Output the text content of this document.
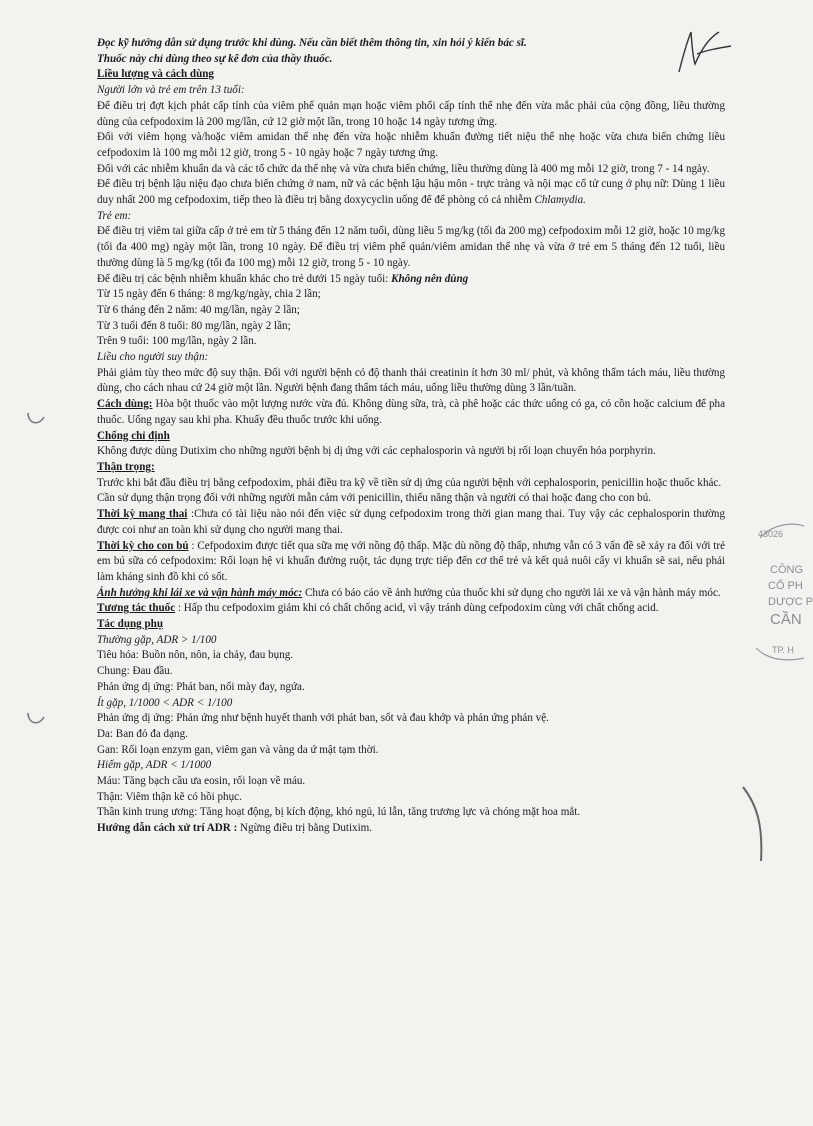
43026
CÔNG
CỔ PH
DƯỢC P
CẦN
TP. H

Đọc kỹ hướng dẫn sử dụng trước khi dùng. Nếu cần biết thêm thông tin, xin hỏi ý kiến bác sĩ.

Thuốc này chỉ dùng theo sự kê đơn của thầy thuốc.

Liều lượng và cách dùng

Người lớn và trẻ em trên 13 tuổi:

Để điều trị đợt kịch phát cấp tính của viêm phế quản mạn hoặc viêm phổi cấp tính thể nhẹ đến vừa mắc phải của cộng đồng, liều thường dùng của cefpodoxim là 200 mg/lần, cứ 12 giờ một lần, trong 10 hoặc 14 ngày tương ứng.

Đối với viêm họng và/hoặc viêm amidan thể nhẹ đến vừa hoặc nhiễm khuẩn đường tiết niệu thể nhẹ hoặc vừa chưa biến chứng liều cefpodoxim là 100 mg mỗi 12 giờ, trong 5 - 10 ngày hoặc 7 ngày tương ứng.

Đối với các nhiễm khuẩn da và các tổ chức da thể nhẹ và vừa chưa biến chứng, liều thường dùng là 400 mg mỗi 12 giờ, trong 7 - 14 ngày.

Để điều trị bệnh lậu niệu đạo chưa biến chứng ở nam, nữ và các bệnh lậu hậu môn - trực tràng và nội mạc cổ tử cung ở phụ nữ: Dùng 1 liều duy nhất 200 mg cefpodoxim, tiếp theo là điều trị bằng doxycyclin uống để để phòng có cả nhiễm Chlamydia.

Trẻ em:

Để điều trị viêm tai giữa cấp ở trẻ em từ 5 tháng đến 12 năm tuổi, dùng liều 5 mg/kg (tối đa 200 mg) cefpodoxim mỗi 12 giờ, hoặc 10 mg/kg (tối đa 400 mg) ngày một lần, trong 10 ngày. Để điều trị viêm phế quản/viêm amidan thể nhẹ và vừa ở trẻ em 5 tháng đến 12 tuổi, liều thường dùng là 5 mg/kg (tối đa 100 mg) mỗi 12 giờ, trong 5 - 10 ngày.

Để điều trị các bệnh nhiễm khuẩn khác cho trẻ dưới 15 ngày tuổi: Không nên dùng

Từ 15 ngày đến 6 tháng: 8 mg/kg/ngày, chia 2 lần;

Từ 6 tháng đến 2 năm: 40 mg/lần, ngày 2 lần;

Từ 3 tuổi đến 8 tuổi: 80 mg/lần, ngày 2 lần;

Trên 9 tuổi: 100 mg/lần, ngày 2 lần.

Liều cho người suy thận:

Phải giảm tùy theo mức độ suy thận. Đối với người bệnh có độ thanh thải creatinin ít hơn 30 ml/ phút, và không thẩm tách máu, liều thường dùng, cho cách nhau cứ 24 giờ một lần. Người bệnh đang thẩm tách máu, uống liều thường dùng 3 lần/tuần.

Cách dùng: Hòa bột thuốc vào một lượng nước vừa đủ. Không dùng sữa, trà, cà phê hoặc các thức uống có ga, có cồn hoặc calcium để pha thuốc. Uống ngay sau khi pha. Khuấy đều thuốc trước khi uống.

Chống chỉ định

Không được dùng Dutixim cho những người bệnh bị dị ứng với các cephalosporin và người bị rối loạn chuyển hóa porphyrin.

Thận trọng:

Trước khi bắt đầu điều trị bằng cefpodoxim, phải điều tra kỹ về tiền sử dị ứng của người bệnh với cephalosporin, penicillin hoặc thuốc khác.

Cần sử dụng thận trọng đối với những người mẫn cảm với penicillin, thiểu năng thận và người có thai hoặc đang cho con bú.

Thời kỳ mang thai :Chưa có tài liệu nào nói đến việc sử dụng cefpodoxim trong thời gian mang thai. Tuy vậy các cephalosporin thường được coi như an toàn khi sử dụng cho người mang thai.

Thời kỳ cho con bú : Cefpodoxim được tiết qua sữa mẹ với nồng độ thấp. Mặc dù nồng độ thấp, nhưng vẫn có 3 vấn đề sẽ xảy ra đối với trẻ em bú sữa có cefpodoxim: Rối loạn hệ vi khuẩn đường ruột, tác dụng trực tiếp đến cơ thể trẻ và kết quả nuôi cấy vi khuẩn sẽ sai, nếu phải làm kháng sinh đồ khi có sốt.

Ảnh hưởng khi lái xe và vận hành máy móc: Chưa có báo cáo về ảnh hưởng của thuốc khi sử dụng cho người lái xe và vận hành máy móc.

Tương tác thuốc : Hấp thu cefpodoxim giảm khi có chất chống acid, vì vậy tránh dùng cefpodoxim cùng với chất chống acid.

Tác dụng phụ

Thường gặp, ADR > 1/100

Tiêu hóa: Buồn nôn, nôn, ỉa chảy, đau bụng.

Chung: Đau đầu.

Phản ứng dị ứng: Phát ban, nổi mày đay, ngứa.

Ít gặp, 1/1000 < ADR < 1/100

Phản ứng dị ứng: Phản ứng như bệnh huyết thanh với phát ban, sốt và đau khớp và phản ứng phản vệ.

Da: Ban đỏ đa dạng.

Gan: Rối loạn enzym gan, viêm gan và vàng da ứ mật tạm thời.

Hiếm gặp, ADR < 1/1000

Máu: Tăng bạch cầu ưa eosin, rối loạn về máu.

Thận: Viêm thận kẽ có hồi phục.

Thần kinh trung ương: Tăng hoạt động, bị kích động, khó ngủ, lú lẫn, tăng trương lực và chóng mặt hoa mắt.

Hướng dẫn cách xử trí ADR : Ngừng điều trị bằng Dutixim.
